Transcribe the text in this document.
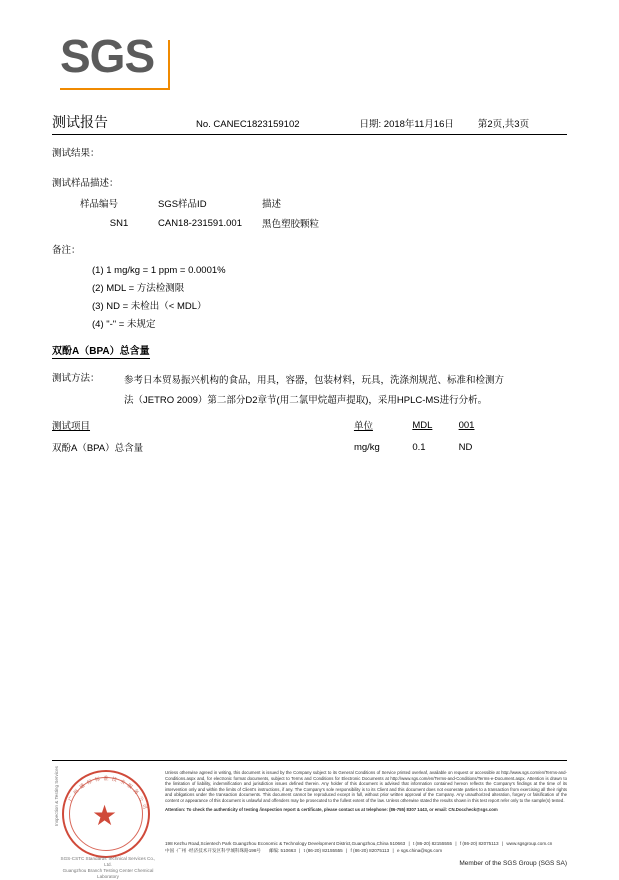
SGS
测试报告	No. CANEC1823159102	日期: 2018年11月16日	第2页,共3页
测试结果：
测试样品描述：
样品编号	SGS样品ID	描述
SN1	CAN18-231591.001	黑色塑胶颗粒
备注：
(1) 1 mg/kg = 1 ppm = 0.0001%
(2) MDL = 方法检测限
(3) ND = 未检出（< MDL）
(4) "-" = 未规定
双酚A（BPA）总含量
测试方法：	参考日本贸易振兴机构的食品，用具，容器，包装材料，玩具，洗涤剂规范、标准和检测方
法（JETRO 2009）第二部分D2章节(用二氯甲烷超声提取)，采用HPLC-MS进行分析。
测试项目	单位	MDL	001
双酚A（BPA）总含量	mg/kg	0.1	ND
广
州
通
标 标 准 技 术
服
务
公
司
★
SGS-CSTC Standards Technical Services Co., Ltd.
Guangzhou Branch Testing Center Chemical Laboratory
Inspection & Testing Services	Unless otherwise agreed in writing, this document is issued by the Company subject to its General Conditions of Service printed overleaf, available on request or accessible at http://www.sgs.com/en/Terms-and-Conditions.aspx and, for electronic format documents, subject to Terms and Conditions for Electronic Documents at http://www.sgs.com/en/Terms-and-Conditions/Terms-e-Document.aspx. Attention is drawn to the limitation of liability, indemnification and jurisdiction issues defined therein. Any holder of this document is advised that information contained hereon reflects the Company's findings at the time of its intervention only and within the limits of Client's instructions, if any. The Company's sole responsibility is to its Client and this document does not exonerate parties to a transaction from exercising all their rights and obligations under the transaction documents. This document cannot be reproduced except in full, without prior written approval of the Company. Any unauthorized alteration, forgery or falsification of the content or appearance of this document is unlawful and offenders may be prosecuted to the fullest extent of the law. Unless otherwise stated the results shown in this test report refer only to the sample(s) tested.
Attention: To check the authenticity of testing /inspection report & certificate, please contact us at telephone: (86-755) 8307 1443, or email: CN.Doccheck@sgs.com
198 Kezhu Road,Scientech Park Guangzhou Economic & Technology Development District,Guangzhou,China 510663 | t (86-20) 82155555 | f (86-20) 82075113 | www.sgsgroup.com.cn
中国 ·广州 ·经济技术开发区科学城科珠路198号 邮编: 510663 | t (86-20) 82155555 | f (86-20) 82075113 | e sgs.china@sgs.com
Member of the SGS Group (SGS SA)
